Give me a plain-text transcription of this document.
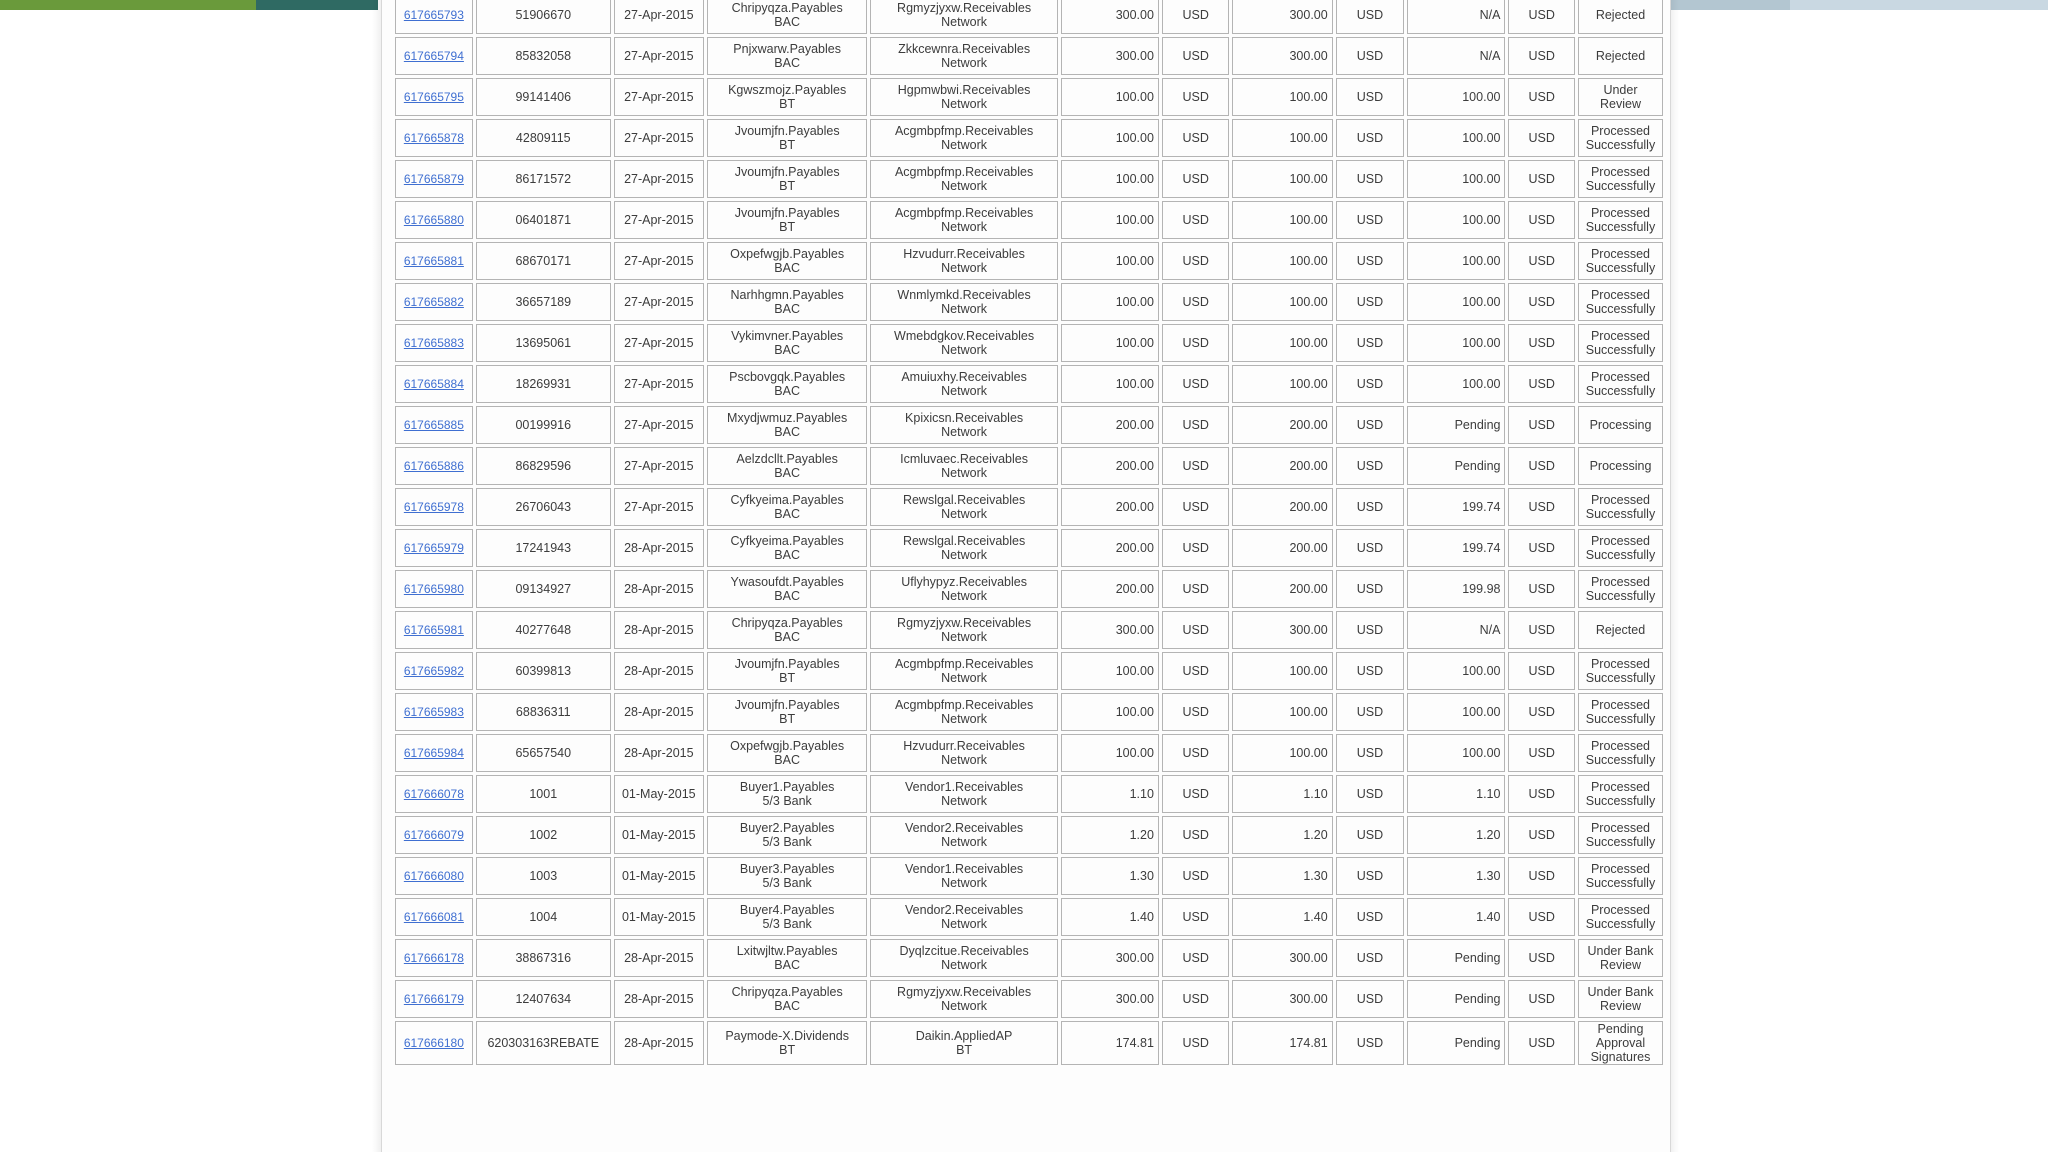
617665793	51906670	27-Apr-2015	Chripyqza.Payables
BAC	Rgmyzjyxw.Receivables
Network	300.00	USD	300.00	USD	N/A	USD	Rejected
617665794	85832058	27-Apr-2015	Pnjxwarw.Payables
BAC	Zkkcewnra.Receivables
Network	300.00	USD	300.00	USD	N/A	USD	Rejected
617665795	99141406	27-Apr-2015	Kgwszmojz.Payables
BT	Hgpmwbwi.Receivables
Network	100.00	USD	100.00	USD	100.00	USD	Under
Review
617665878	42809115	27-Apr-2015	Jvoumjfn.Payables
BT	Acgmbpfmp.Receivables
Network	100.00	USD	100.00	USD	100.00	USD	Processed
Successfully
617665879	86171572	27-Apr-2015	Jvoumjfn.Payables
BT	Acgmbpfmp.Receivables
Network	100.00	USD	100.00	USD	100.00	USD	Processed
Successfully
617665880	06401871	27-Apr-2015	Jvoumjfn.Payables
BT	Acgmbpfmp.Receivables
Network	100.00	USD	100.00	USD	100.00	USD	Processed
Successfully
617665881	68670171	27-Apr-2015	Oxpefwgjb.Payables
BAC	Hzvudurr.Receivables
Network	100.00	USD	100.00	USD	100.00	USD	Processed
Successfully
617665882	36657189	27-Apr-2015	Narhhgmn.Payables
BAC	Wnmlymkd.Receivables
Network	100.00	USD	100.00	USD	100.00	USD	Processed
Successfully
617665883	13695061	27-Apr-2015	Vykimvner.Payables
BAC	Wmebdgkov.Receivables
Network	100.00	USD	100.00	USD	100.00	USD	Processed
Successfully
617665884	18269931	27-Apr-2015	Pscbovgqk.Payables
BAC	Amuiuxhy.Receivables
Network	100.00	USD	100.00	USD	100.00	USD	Processed
Successfully
617665885	00199916	27-Apr-2015	Mxydjwmuz.Payables
BAC	Kpixicsn.Receivables
Network	200.00	USD	200.00	USD	Pending	USD	Processing
617665886	86829596	27-Apr-2015	Aelzdcllt.Payables
BAC	Icmluvaec.Receivables
Network	200.00	USD	200.00	USD	Pending	USD	Processing
617665978	26706043	27-Apr-2015	Cyfkyeima.Payables
BAC	Rewslgal.Receivables
Network	200.00	USD	200.00	USD	199.74	USD	Processed
Successfully
617665979	17241943	28-Apr-2015	Cyfkyeima.Payables
BAC	Rewslgal.Receivables
Network	200.00	USD	200.00	USD	199.74	USD	Processed
Successfully
617665980	09134927	28-Apr-2015	Ywasoufdt.Payables
BAC	Uflyhypyz.Receivables
Network	200.00	USD	200.00	USD	199.98	USD	Processed
Successfully
617665981	40277648	28-Apr-2015	Chripyqza.Payables
BAC	Rgmyzjyxw.Receivables
Network	300.00	USD	300.00	USD	N/A	USD	Rejected
617665982	60399813	28-Apr-2015	Jvoumjfn.Payables
BT	Acgmbpfmp.Receivables
Network	100.00	USD	100.00	USD	100.00	USD	Processed
Successfully
617665983	68836311	28-Apr-2015	Jvoumjfn.Payables
BT	Acgmbpfmp.Receivables
Network	100.00	USD	100.00	USD	100.00	USD	Processed
Successfully
617665984	65657540	28-Apr-2015	Oxpefwgjb.Payables
BAC	Hzvudurr.Receivables
Network	100.00	USD	100.00	USD	100.00	USD	Processed
Successfully
617666078	1001	01-May-2015	Buyer1.Payables
5/3 Bank	Vendor1.Receivables
Network	1.10	USD	1.10	USD	1.10	USD	Processed
Successfully
617666079	1002	01-May-2015	Buyer2.Payables
5/3 Bank	Vendor2.Receivables
Network	1.20	USD	1.20	USD	1.20	USD	Processed
Successfully
617666080	1003	01-May-2015	Buyer3.Payables
5/3 Bank	Vendor1.Receivables
Network	1.30	USD	1.30	USD	1.30	USD	Processed
Successfully
617666081	1004	01-May-2015	Buyer4.Payables
5/3 Bank	Vendor2.Receivables
Network	1.40	USD	1.40	USD	1.40	USD	Processed
Successfully
617666178	38867316	28-Apr-2015	Lxitwjltw.Payables
BAC	Dyqlzcitue.Receivables
Network	300.00	USD	300.00	USD	Pending	USD	Under Bank
Review
617666179	12407634	28-Apr-2015	Chripyqza.Payables
BAC	Rgmyzjyxw.Receivables
Network	300.00	USD	300.00	USD	Pending	USD	Under Bank
Review
617666180	620303163REBATE	28-Apr-2015	Paymode-X.Dividends
BT	Daikin.AppliedAP
BT	174.81	USD	174.81	USD	Pending	USD	Pending
Approval
Signatures
